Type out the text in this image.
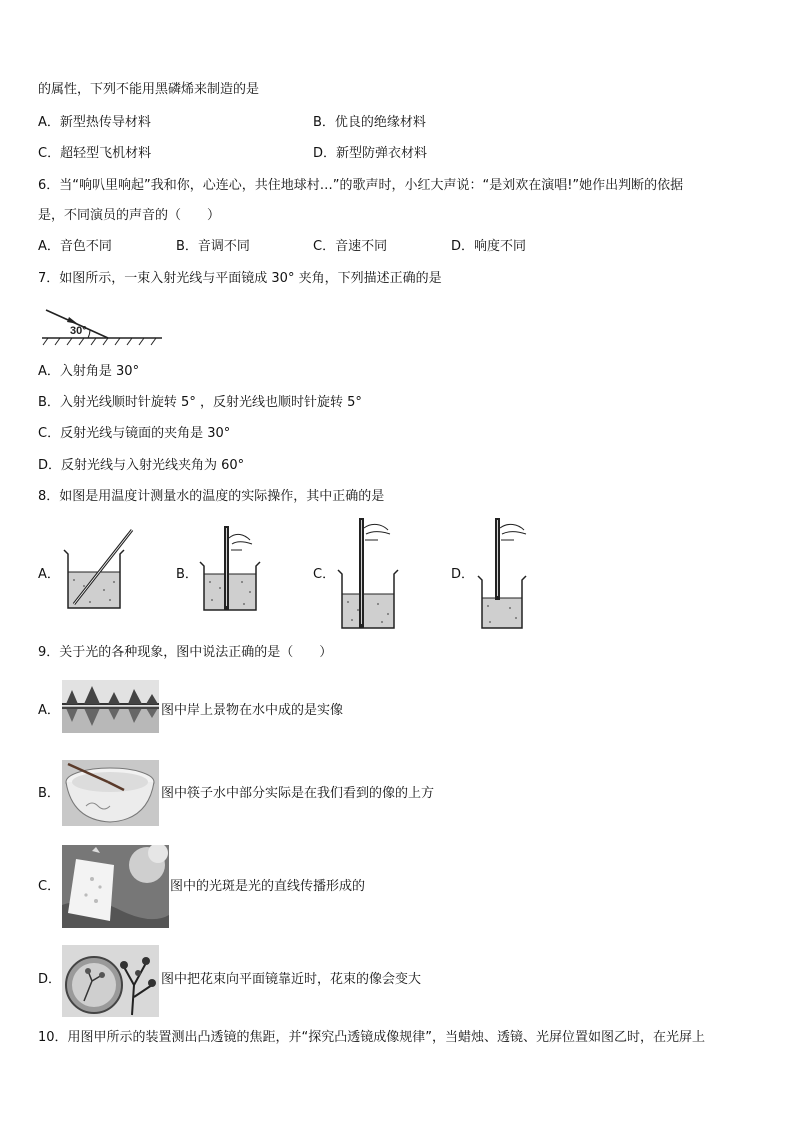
的属性，下列不能用黑磷烯来制造的是
A．新型热传导材料	B．优良的绝缘材料
C．超轻型飞机材料	D．新型防弹衣材料
6．当“响叭里响起”我和你，心连心，共住地球村…”的歌声时，小红大声说：“是刘欢在演唱!”她作出判断的依据
是，不同演员的声音的（　　）
A．音色不同	B．音调不同	C．音速不同	D．响度不同
7．如图所示，一束入射光线与平面镜成 30° 夹角，下列描述正确的是
30°
A．入射角是 30°
B．入射光线顺时针旋转 5° ，反射光线也顺时针旋转 5°
C．反射光线与镜面的夹角是 30°
D．反射光线与入射光线夹角为 60°
8．如图是用温度计测量水的温度的实际操作，其中正确的是
A．	B．	C．	D．
9．关于光的各种现象，图中说法正确的是（　　）
A．	图中岸上景物在水中成的是实像
B．	图中筷子水中部分实际是在我们看到的像的上方
C．	图中的光斑是光的直线传播形成的
D．	图中把花束向平面镜靠近时，花束的像会变大
10．用图甲所示的装置测出凸透镜的焦距，并“探究凸透镜成像规律”，当蜡烛、透镜、光屏位置如图乙时，在光屏上
